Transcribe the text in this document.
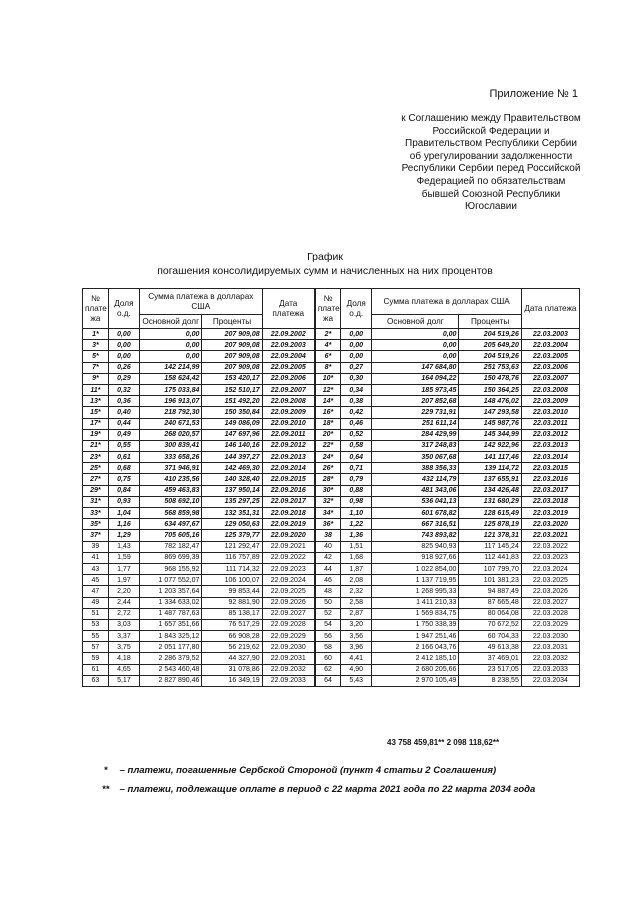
Приложение № 1
к Соглашению между Правительством
Российской Федерации и
Правительством Республики Сербии
об урегулировании задолженности
Республики Сербии перед Российской
Федерацией по обязательствам
бывшей Союзной Республики
Югославии
График
погашения консолидируемых сумм и начисленных на них процентов
№ плате жа	Доля о.д.	Сумма платежа в долларах США		Дата платежа	№ плате жа	Доля о.д.	Сумма платежа в долларах США		Дата платежа
		Основной долг	Проценты				Основной долг	Проценты	
1*	0,00	0,00	207 909,08	22.09.2002	2*	0,00	0,00	204 519,26	22.03.2003
3*	0,00	0,00	207 909,08	22.09.2003	4*	0,00	0,00	205 649,20	22.03.2004
5*	0,00	0,00	207 909,08	22.09.2004	6*	0,00	0,00	204 519,26	22.03.2005
7*	0,26	142 214,99	207 909,08	22.09.2005	8*	0,27	147 684,80	251 753,63	22.03.2006
9*	0,29	158 624,42	153 420,17	22.09.2006	10*	0,30	164 094,22	150 478,76	22.03.2007
11*	0,32	175 033,84	152 510,17	22.09.2007	12*	0,34	185 973,45	150 364,25	22.03.2008
13*	0,36	196 913,07	151 492,20	22.09.2008	14*	0,38	207 852,68	148 476,02	22.03.2009
15*	0,40	218 792,30	150 350,84	22.09.2009	16*	0,42	229 731,91	147 293,58	22.03.2010
17*	0,44	240 671,53	149 086,09	22.09.2010	18*	0,46	251 611,14	145 987,76	22.03.2011
19*	0,49	268 020,57	147 697,96	22.09.2011	20*	0,52	284 429,99	145 344,99	22.03.2012
21*	0,55	300 839,41	146 140,16	22.09.2012	22*	0,58	317 248,83	142 922,96	22.03.2013
23*	0,61	333 658,26	144 397,27	22.09.2013	24*	0,64	350 067,68	141 117,46	22.03.2014
25*	0,68	371 946,91	142 469,30	22.09.2014	26*	0,71	388 356,33	139 114,72	22.03.2015
27*	0,75	410 235,56	140 328,40	22.09.2015	28*	0,79	432 114,79	137 655,91	22.03.2016
29*	0,84	459 463,83	137 950,14	22.09.2016	30*	0,88	481 343,06	134 426,48	22.03.2017
31*	0,93	508 692,10	135 297,25	22.09.2017	32*	0,98	536 041,13	131 680,29	22.03.2018
33*	1,04	568 859,98	132 351,31	22.09.2018	34*	1,10	601 678,82	128 615,49	22.03.2019
35*	1,16	634 497,67	129 050,63	22.09.2019	36*	1,22	667 316,51	125 878,19	22.03.2020
37*	1,29	705 605,16	125 379,77	22.09.2020	38	1,36	743 893,82	121 378,31	22.03.2021
39	1,43	782 182,47	121 292,47	22.09.2021	40	1,51	825 940,93	117 145,24	22.03.2022
41	1,59	869 699,39	116 757,89	22.09.2022	42	1,68	918 927,66	112 441,83	22.03.2023
43	1,77	968 155,92	111 714,32	22.09.2023	44	1,87	1 022 854,00	107 799,70	22.03.2024
45	1,97	1 077 552,07	106 100,07	22.09.2024	46	2,08	1 137 719,95	101 381,23	22.03.2025
47	2,20	1 203 357,64	99 853,44	22.09.2025	48	2,32	1 268 995,33	94 887,49	22.03.2026
49	2,44	1 334 633,02	92 881,90	22.09.2026	50	2,58	1 411 210,33	87 665,48	22.03.2027
51	2,72	1 487 787,63	85 138,17	22.09.2027	52	2,87	1 569 834,75	80 064,08	22.03.2028
53	3,03	1 657 351,66	76 517,29	22.09.2028	54	3,20	1 750 338,39	70 672,52	22.03.2029
55	3,37	1 843 325,12	66 908,28	22.09.2029	56	3,56	1 947 251,46	60 704,33	22.03.2030
57	3,75	2 051 177,80	56 219,62	22.09.2030	58	3,96	2 166 043,76	49 613,38	22.03.2031
59	4,18	2 286 379,52	44 327,90	22.09.2031	60	4,41	2 412 185,10	37 469,01	22.03.2032
61	4,65	2 543 460,48	31 078,86	22.09.2032	62	4,90	2 680 205,66	23 517,05	22.03.2033
63	5,17	2 827 890,46	16 349,19	22.09.2033	64	5,43	2 970 105,49	8 238,55	22.03.2034
43 758 459,81** 2 098 118,62**
* – платежи, погашенные Сербской Стороной (пункт 4 статьи 2 Соглашения)
** – платежи, подлежащие оплате в период с 22 марта 2021 года по 22 марта 2034 года
